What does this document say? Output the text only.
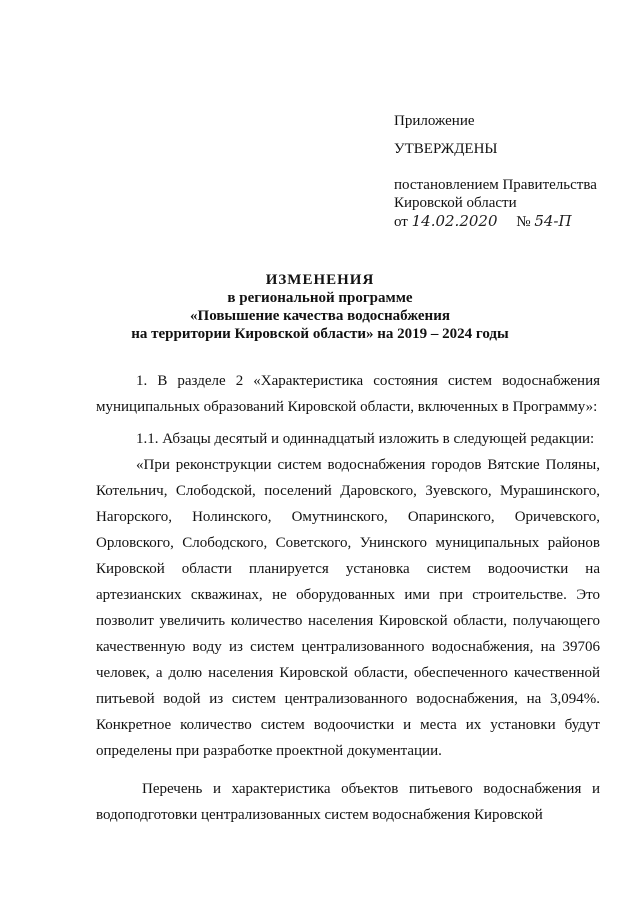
Приложение
УТВЕРЖДЕНЫ
постановлением Правительства
Кировской области
от 14.02.2020 № 54-П
ИЗМЕНЕНИЯ
в региональной программе
«Повышение качества водоснабжения
на территории Кировской области» на 2019 – 2024 годы

1. В разделе 2 «Характеристика состояния систем водоснабжения муниципальных образований Кировской области, включенных в Программу»:

1.1. Абзацы десятый и одиннадцатый изложить в следующей редакции:

«При реконструкции систем водоснабжения городов Вятские Поляны, Котельнич, Слободской, поселений Даровского, Зуевского, Мурашинского, Нагорского, Нолинского, Омутнинского, Опаринского, Оричевского, Орловского, Слободского, Советского, Унинского муниципальных районов Кировской области планируется установка систем водоочистки на артезианских скважинах, не оборудованных ими при строительстве. Это позволит увеличить количество населения Кировской области, получающего качественную воду из систем централизованного водоснабжения, на 39706 человек, а долю населения Кировской области, обеспеченного качественной питьевой водой из систем централизованного водоснабжения, на 3,094%. Конкретное количество систем водоочистки и места их установки будут определены при разработке проектной документации.

Перечень и характеристика объектов питьевого водоснабжения и водоподготовки централизованных систем водоснабжения Кировской
